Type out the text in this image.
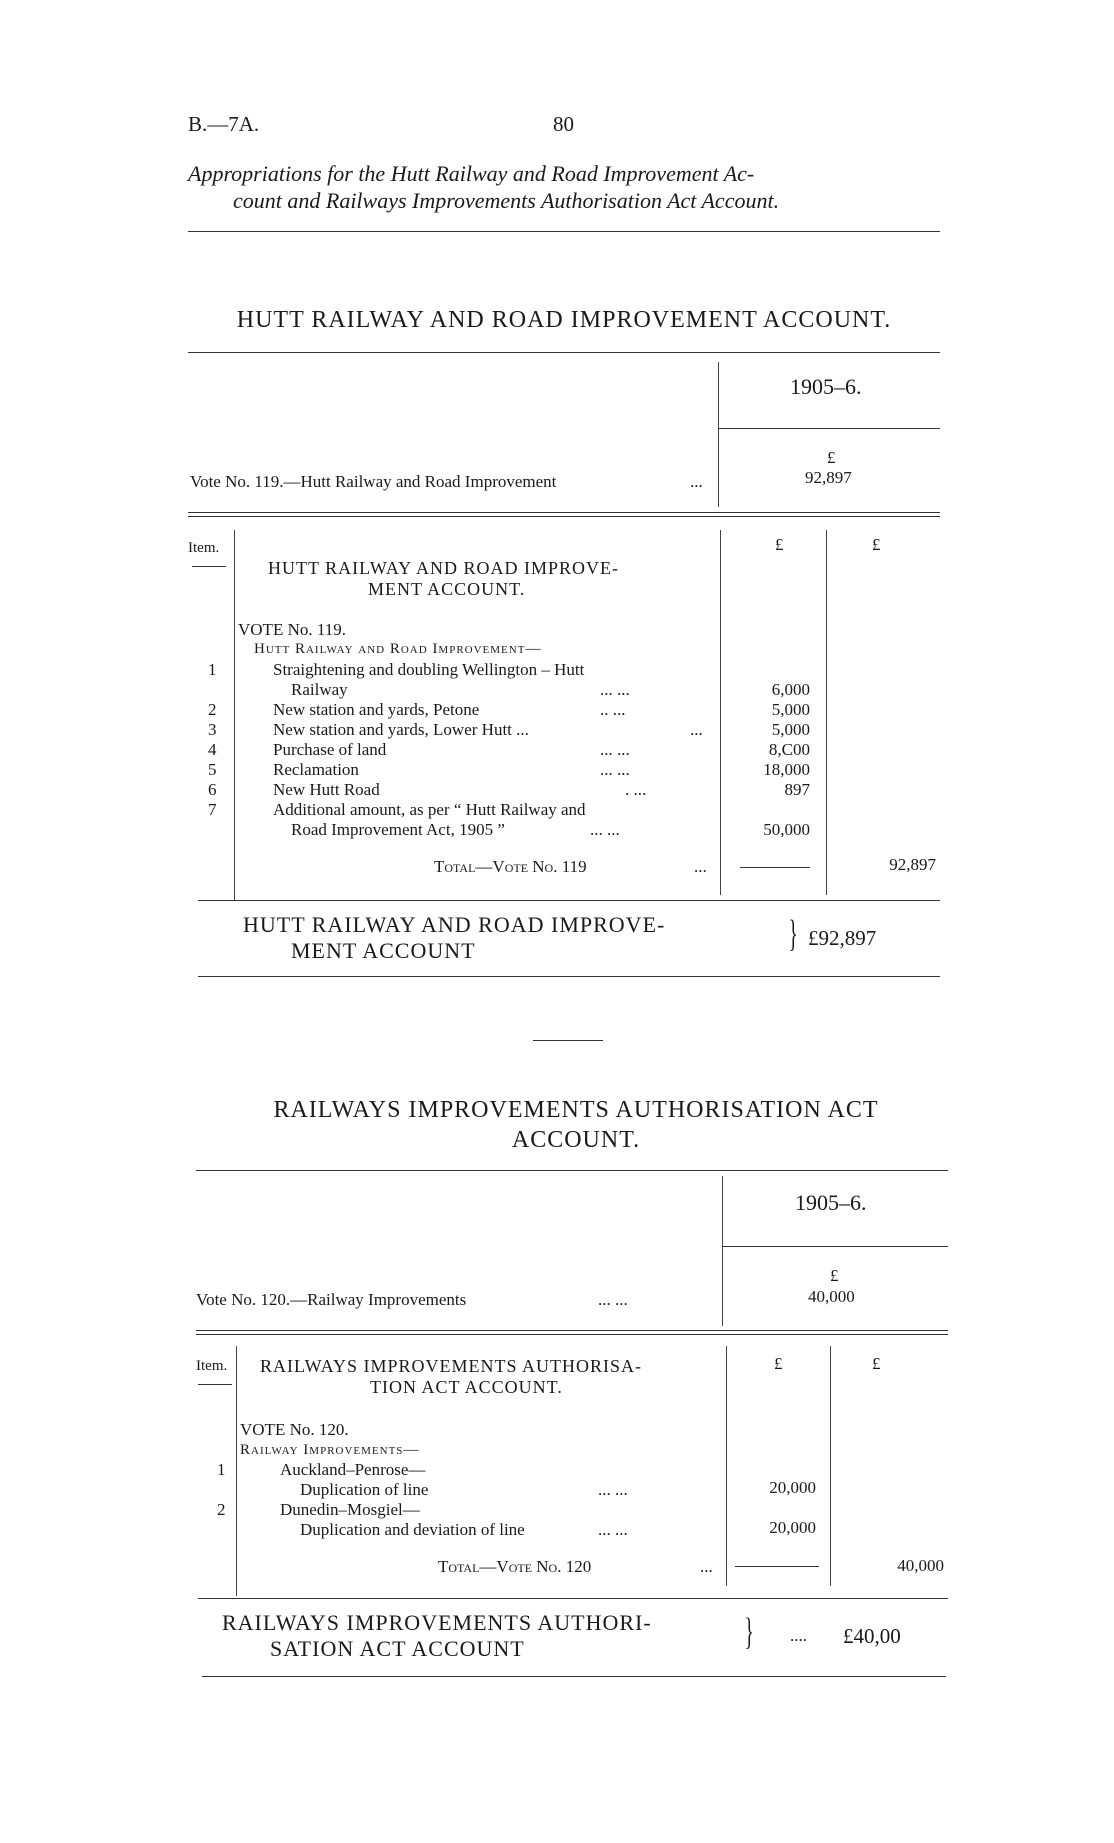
B.—7A.	80
Appropriations for the Hutt Railway and Road Improvement Ac-
count and Railways Improvements Authorisation Act Account.
HUTT RAILWAY AND ROAD IMPROVEMENT ACCOUNT.
1905–6.
£
Vote No. 119.—Hutt Railway and Road Improvement	...	92,897
Item.	£	£
HUTT RAILWAY AND ROAD IMPROVE-
MENT ACCOUNT.
VOTE No. 119.
Hutt Railway and Road Improvement—
1	Straightening and doubling Wellington – Hutt
Railway	... ...	6,000
2	New station and yards, Petone	.. ...	5,000
3	New station and yards, Lower Hutt ...	...	5,000
4	Purchase of land	... ...	8,C00
5	Reclamation	... ...	18,000
6	New Hutt Road	. ...	897
7	Additional amount, as per “ Hutt Railway and
Road Improvement Act, 1905 ”	... ...	50,000
Total—Vote No. 119	...	92,897
HUTT RAILWAY AND ROAD IMPROVE-
MENT ACCOUNT	} £92,897
RAILWAYS IMPROVEMENTS AUTHORISATION ACT
ACCOUNT.
1905–6.
£
Vote No. 120.—Railway Improvements	... ...	40,000
Item.	£	£
RAILWAYS IMPROVEMENTS AUTHORISA-
TION ACT ACCOUNT.
VOTE No. 120.
Railway Improvements—
1	Auckland–Penrose—
Duplication of line	... ...	20,000
2	Dunedin–Mosgiel—
Duplication and deviation of line	... ...	20,000
Total—Vote No. 120	...	40,000
RAILWAYS IMPROVEMENTS AUTHORI-
SATION ACT ACCOUNT	} .... £40,00
